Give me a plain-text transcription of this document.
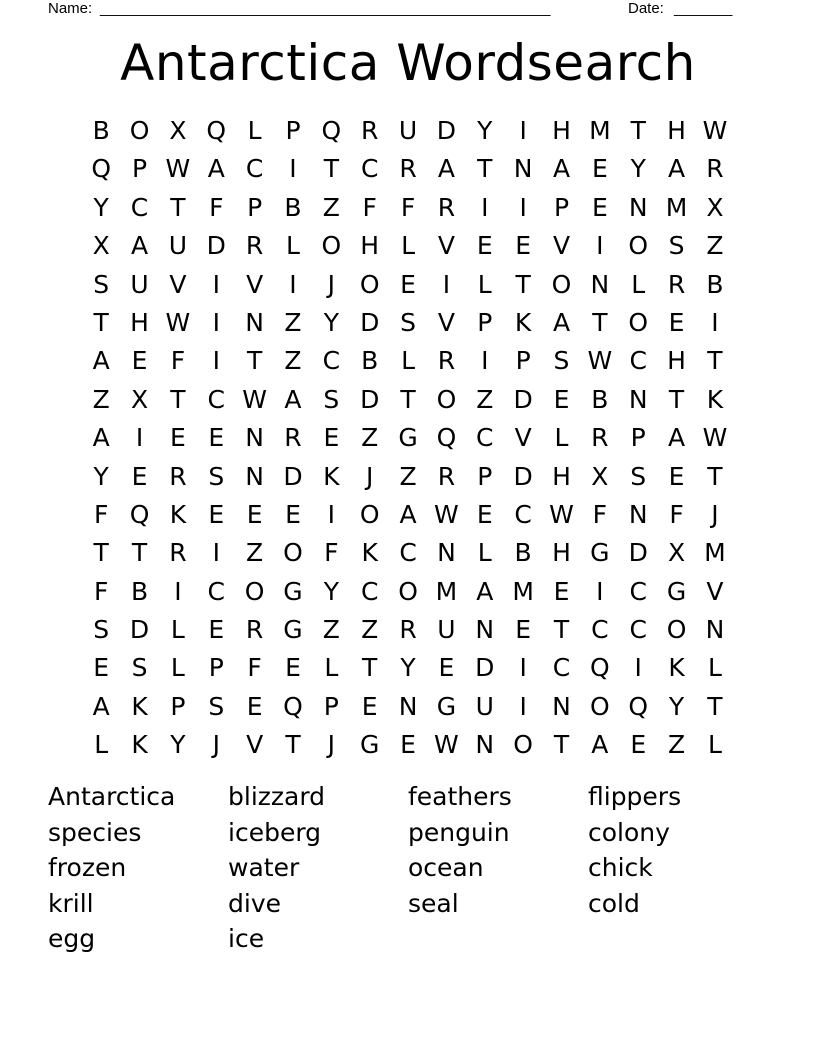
Name: ______________________________________________________	Date: _______
Antarctica Wordsearch
B O X Q L P Q R U D Y	I	H M T H W
Q P W A C	I	T C R A T N A E Y A R
Y C T F P B Z F F R	I	I	P E N M X
X A U D R L O H L V E E V	I O S Z
S U V	I	V	I	J O E	I	L T O N L R B
T H W I	N Z Y D S V P K A T O E	I
A E F	I	T Z C B L R	I	P S W C H T
Z X T C W A S D T O Z D E B N T K
A	I	E E N R E Z G Q C V L R P A W
Y E R S N D K	J	Z R P D H X S E T
F Q K E E E	I O A W E C W F N F	J
T T R	I	Z O F K C N L B H G D X M
F B	I	C O G Y C O M A M E	I	C G V
S D L E R G Z Z R U N E T C C O N
E S L P F E L T Y E D	I	C Q I	K L
A K P S E Q P E N G U	I	N O Q Y T
L K Y	J	V T	J G E W N O T A E Z L
Antarctica	blizzard	feathers	flippers
species	iceberg	penguin	colony
frozen	water	ocean	chick
krill	dive	seal	cold
egg	ice
